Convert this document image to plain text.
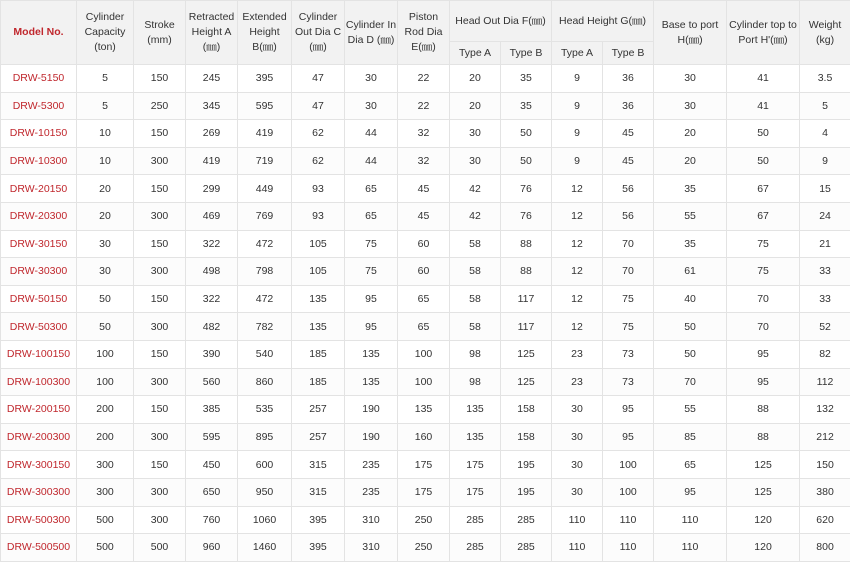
Model No.	Cylinder Capacity (ton)	Stroke (mm)	Retracted Height A (㎜)	Extended Height B(㎜)	Cylinder Out Dia C (㎜)	Cylinder In Dia D (㎜)	Piston Rod Dia E(㎜)	Head Out Dia F(㎜)		Head Height G(㎜)		Base to port H(㎜)	Cylinder top to Port H'(㎜)	Weight (kg)
								Type A	Type B	Type A	Type B			
DRW-5150	5	150	245	395	47	30	22	20	35	9	36	30	41	3.5
DRW-5300	5	250	345	595	47	30	22	20	35	9	36	30	41	5
DRW-10150	10	150	269	419	62	44	32	30	50	9	45	20	50	4
DRW-10300	10	300	419	719	62	44	32	30	50	9	45	20	50	9
DRW-20150	20	150	299	449	93	65	45	42	76	12	56	35	67	15
DRW-20300	20	300	469	769	93	65	45	42	76	12	56	55	67	24
DRW-30150	30	150	322	472	105	75	60	58	88	12	70	35	75	21
DRW-30300	30	300	498	798	105	75	60	58	88	12	70	61	75	33
DRW-50150	50	150	322	472	135	95	65	58	117	12	75	40	70	33
DRW-50300	50	300	482	782	135	95	65	58	117	12	75	50	70	52
DRW-100150	100	150	390	540	185	135	100	98	125	23	73	50	95	82
DRW-100300	100	300	560	860	185	135	100	98	125	23	73	70	95	112
DRW-200150	200	150	385	535	257	190	135	135	158	30	95	55	88	132
DRW-200300	200	300	595	895	257	190	160	135	158	30	95	85	88	212
DRW-300150	300	150	450	600	315	235	175	175	195	30	100	65	125	150
DRW-300300	300	300	650	950	315	235	175	175	195	30	100	95	125	380
DRW-500300	500	300	760	1060	395	310	250	285	285	110	110	110	120	620
DRW-500500	500	500	960	1460	395	310	250	285	285	110	110	110	120	800
